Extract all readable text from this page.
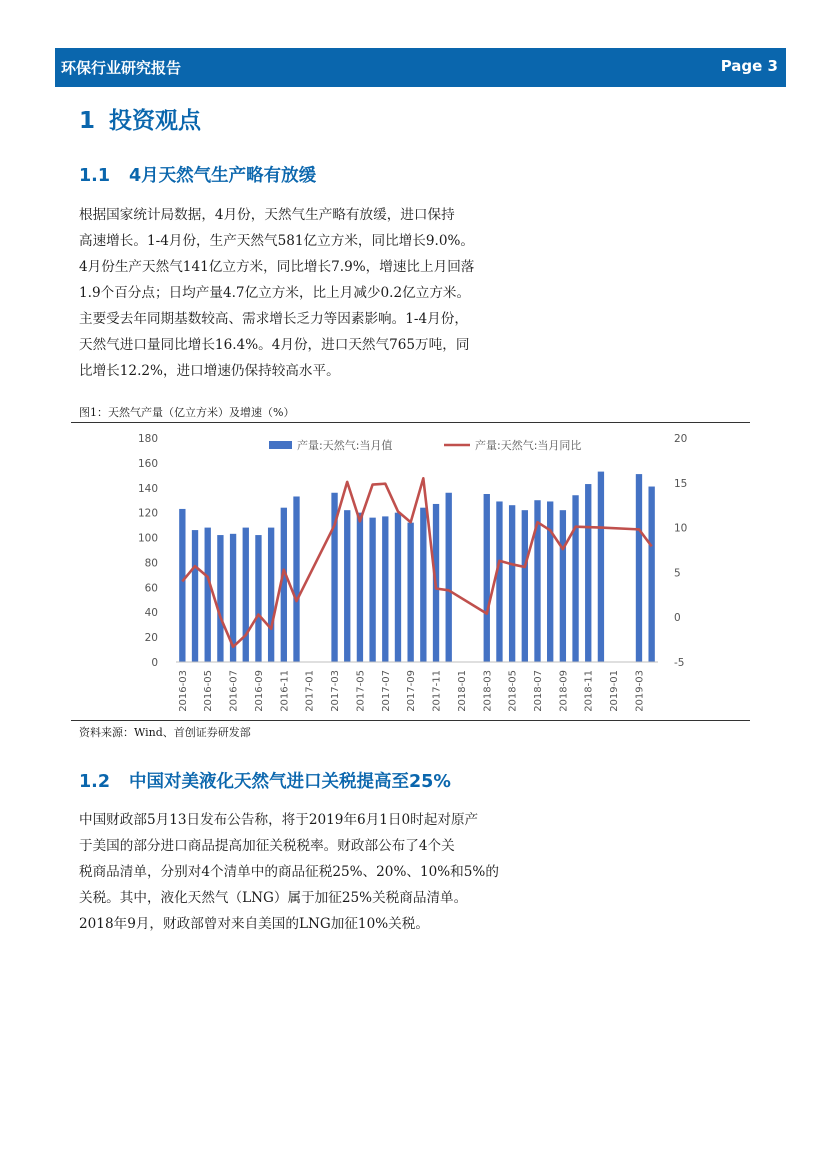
环保行业研究报告	Page 3
1 投资观点
1.1 4月天然气生产略有放缓
根据国家统计局数据，4月份，天然气生产略有放缓，进口保持
高速增长。1-4月份，生产天然气581亿立方米，同比增长9.0%。
4月份生产天然气141亿立方米，同比增长7.9%，增速比上月回落
1.9个百分点；日均产量4.7亿立方米，比上月减少0.2亿立方米。
主要受去年同期基数较高、需求增长乏力等因素影响。1-4月份，
天然气进口量同比增长16.4%。4月份，进口天然气765万吨，同
比增长12.2%，进口增速仍保持较高水平。
图1：天然气产量（亿立方米）及增速（%）
0
20
40
60
80
100
120
140
160
180
-5
0
5
10
15
20
2016-03 2016-05 2016-07 2016-09 2016-11 2017-01 2017-03 2017-05 2017-07 2017-09 2017-11 2018-01 2018-03 2018-05 2018-07 2018-09 2018-11 2019-01 2019-03
产量:天然气:当月值	产量:天然气:当月同比
资料来源：Wind、首创证券研发部
1.2 中国对美液化天然气进口关税提高至25%
中国财政部5月13日发布公告称，将于2019年6月1日0时起对原产
于美国的部分进口商品提高加征关税税率。财政部公布了4个关
税商品清单，分别对4个清单中的商品征税25%、20%、10%和5%的
关税。其中，液化天然气（LNG）属于加征25%关税商品清单。
2018年9月，财政部曾对来自美国的LNG加征10%关税。
